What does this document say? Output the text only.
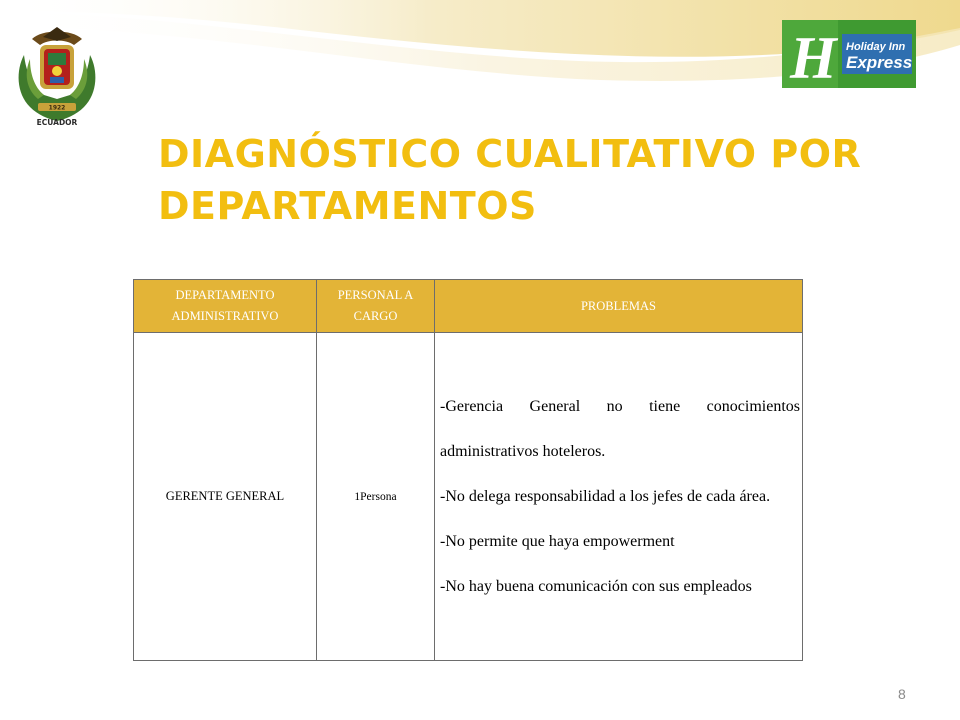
1922
ECUADOR
H Holiday Inn
Express
DIAGNÓSTICO CUALITATIVO POR DEPARTAMENTOS
DEPARTAMENTO ADMINISTRATIVO	PERSONAL A CARGO	PROBLEMAS
GERENTE GENERAL	1Persona	-Gerencia General no tiene conocimientos administrativos hoteleros.

-No delega responsabilidad a los jefes de cada área.

-No permite que haya empowerment

-No hay buena comunicación con sus empleados

8
